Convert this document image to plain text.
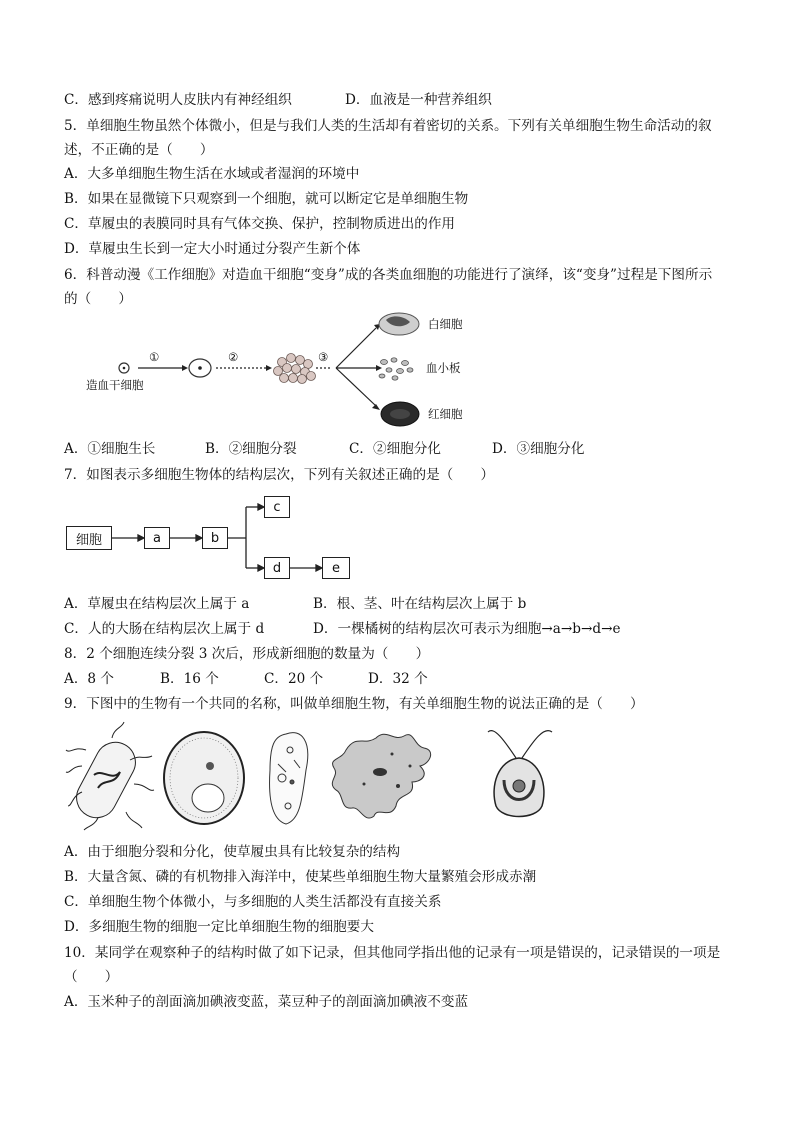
C．感到疼痛说明人皮肤内有神经组织	D．血液是一种营养组织
5．单细胞生物虽然个体微小，但是与我们人类的生活却有着密切的关系。下列有关单细胞生物生命活动的叙
述，不正确的是（　　）
A．大多单细胞生物生活在水域或者湿润的环境中
B．如果在显微镜下只观察到一个细胞，就可以断定它是单细胞生物
C．草履虫的表膜同时具有气体交换、保护，控制物质进出的作用
D．草履虫生长到一定大小时通过分裂产生新个体
6．科普动漫《工作细胞》对造血干细胞“变身”成的各类血细胞的功能进行了演绎，该“变身”过程是下图所示
的（　　）
①	②	③
造血干细胞
白细胞
血小板
红细胞
A．①细胞生长	B．②细胞分裂	C．②细胞分化	D．③细胞分化
7．如图表示多细胞生物体的结构层次，下列有关叙述正确的是（　　）
细胞	a	b
c
d	e
A．草履虫在结构层次上属于 a	B．根、茎、叶在结构层次上属于 b
C．人的大肠在结构层次上属于 d	D．一棵橘树的结构层次可表示为细胞→a→b→d→e
8．2 个细胞连续分裂 3 次后，形成新细胞的数量为（　　）
A．8 个	B．16 个	C．20 个	D．32 个
9．下图中的生物有一个共同的名称，叫做单细胞生物，有关单细胞生物的说法正确的是（　　）
A．由于细胞分裂和分化，使草履虫具有比较复杂的结构
B．大量含氮、磷的有机物排入海洋中，使某些单细胞生物大量繁殖会形成赤潮
C．单细胞生物个体微小，与多细胞的人类生活都没有直接关系
D．多细胞生物的细胞一定比单细胞生物的细胞要大
10．某同学在观察种子的结构时做了如下记录，但其他同学指出他的记录有一项是错误的，记录错误的一项是
（　　）
A．玉米种子的剖面滴加碘液变蓝，菜豆种子的剖面滴加碘液不变蓝
